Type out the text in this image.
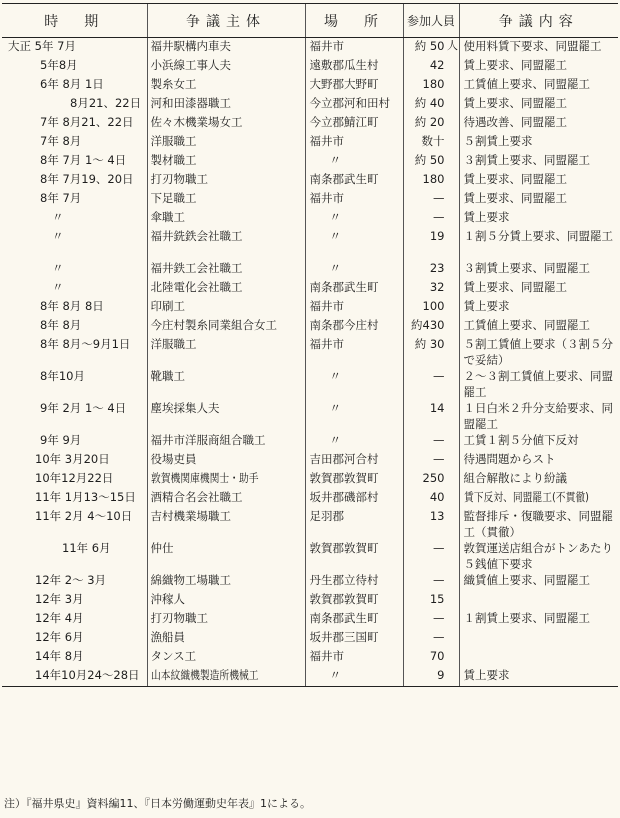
時　期	争議主体	場　所	参加人員	争議内容
大正 5年 7月	福井駅構内車夫	福井市	約 50	使用料賃下要求、同盟罷工
5年8月	小浜線工事人夫	遠敷郡瓜生村	42	賃上要求、同盟罷工
6年 8月 1日	製糸女工	大野郡大野町	180	工賃値上要求、同盟罷工
8月21、22日	河和田漆器職工	今立郡河和田村	約 40	賃上要求、同盟罷工
7年 8月21、22日	佐々木機業場女工	今立郡鯖江町	約 20	待遇改善、同盟罷工
7年 8月	洋服職工	福井市	数十	５割賃上要求
8年 7月 1～ 4日	製材職工	〃	約 50	３割賃上要求、同盟罷工
8年 7月19、20日	打刃物職工	南条郡武生町	180	賃上要求、同盟罷工
8年 7月	下足職工	福井市	—	賃上要求、同盟罷工
〃	傘職工	〃	—	賃上要求
〃	福井銑鉄会社職工	〃	19	１割５分賃上要求、同盟罷工
〃	福井鉄工会社職工	〃	23	３割賃上要求、同盟罷工
〃	北陸電化会社職工	南条郡武生町	32	賃上要求、同盟罷工
8年 8月 8日	印刷工	福井市	100	賃上要求
8年 8月	今庄村製糸同業組合女工	南条郡今庄村	約430	工賃値上要求、同盟罷工
8年 8月～9月1日	洋服職工	福井市	約 30	５割工賃値上要求（３割５分で妥結）
8年10月	靴職工	〃	—	２～３割工賃値上要求、同盟罷工
9年 2月 1～ 4日	塵埃採集人夫	〃	14	１日白米２升分支給要求、同盟罷工
9年 9月	福井市洋服商組合職工	〃	—	工賃１割５分値下反対
10年 3月20日	役場吏員	吉田郡河合村	—	待遇問題からスト
10年12月22日	敦賀機関庫機関士・助手	敦賀郡敦賀町	250	組合解散により紛議
11年 1月13～15日	酒精合名会社職工	坂井郡磯部村	40	賃下反対、同盟罷工(不貫徹)
11年 2月 4～10日	吉村機業場職工	足羽郡	13	監督排斥・復職要求、同盟罷工（貫徹）
11年 6月	仲仕	敦賀郡敦賀町	—	敦賀運送店組合がトンあたり５銭値下要求
12年 2～ 3月	綿織物工場職工	丹生郡立待村	—	織賃値上要求、同盟罷工
12年 3月	沖稼人	敦賀郡敦賀町	15	
12年 4月	打刃物職工	南条郡武生町	—	１割賃上要求、同盟罷工
12年 6月	漁船員	坂井郡三国町	—	
14年 8月	タンス工	福井市	70	
14年10月24～28日	山本紋織機製造所機械工	〃	9	賃上要求
人
注）『福井県史』資料編11、『日本労働運動史年表』1による。
